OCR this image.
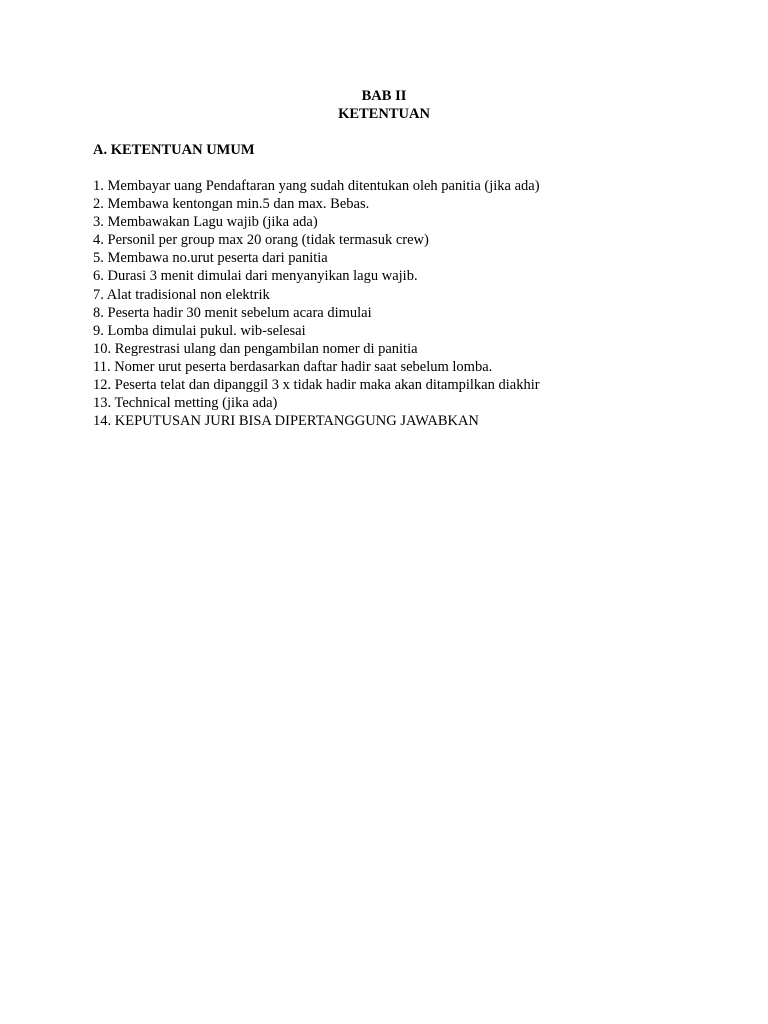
BAB II

KETENTUAN

A. KETENTUAN UMUM

1. Membayar uang Pendaftaran yang sudah ditentukan oleh panitia (jika ada)
2. Membawa kentongan min.5 dan max. Bebas.
3. Membawakan Lagu wajib (jika ada)
4. Personil per group max 20 orang (tidak termasuk crew)
5. Membawa no.urut peserta dari panitia
6. Durasi 3 menit dimulai dari menyanyikan lagu wajib.
7. Alat tradisional non elektrik
8. Peserta hadir 30 menit sebelum acara dimulai
9. Lomba dimulai pukul. wib-selesai
10. Regrestrasi ulang dan pengambilan nomer di panitia
11. Nomer urut peserta berdasarkan daftar hadir saat sebelum lomba.
12. Peserta telat dan dipanggil 3 x tidak hadir maka akan ditampilkan diakhir
13. Technical metting (jika ada)
14. KEPUTUSAN JURI BISA DIPERTANGGUNG JAWABKAN
